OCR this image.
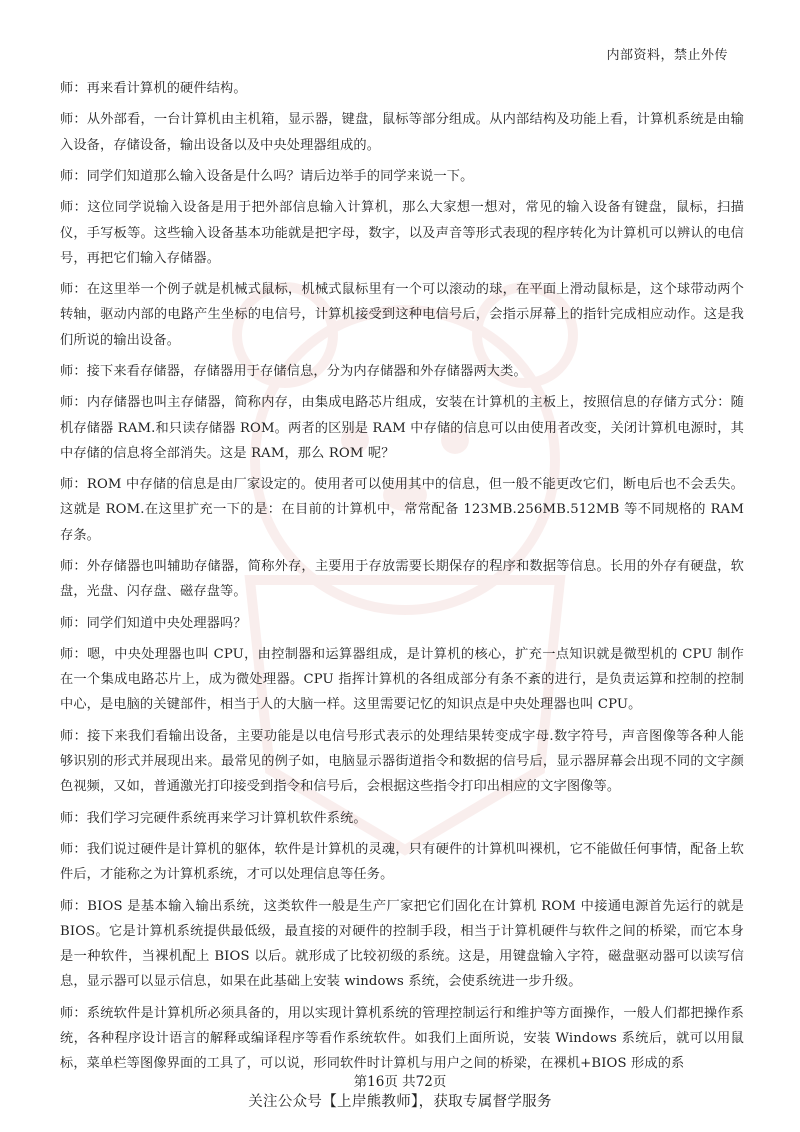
内部资料，禁止外传

师：再来看计算机的硬件结构。

师：从外部看，一台计算机由主机箱，显示器，键盘，鼠标等部分组成。从内部结构及功能上看，计算机系统是由输入设备，存储设备，输出设备以及中央处理器组成的。

师：同学们知道那么输入设备是什么吗？请后边举手的同学来说一下。

师：这位同学说输入设备是用于把外部信息输入计算机，那么大家想一想对，常见的输入设备有键盘，鼠标，扫描仪，手写板等。这些输入设备基本功能就是把字母，数字，以及声音等形式表现的程序转化为计算机可以辨认的电信号，再把它们输入存储器。

师：在这里举一个例子就是机械式鼠标，机械式鼠标里有一个可以滚动的球，在平面上滑动鼠标是，这个球带动两个转轴，驱动内部的电路产生坐标的电信号，计算机接受到这种电信号后，会指示屏幕上的指针完成相应动作。这是我们所说的输出设备。

师：接下来看存储器，存储器用于存储信息，分为内存储器和外存储器两大类。

师：内存储器也叫主存储器，简称内存，由集成电路芯片组成，安装在计算机的主板上，按照信息的存储方式分：随机存储器 RAM.和只读存储器 ROM。两者的区别是 RAM 中存储的信息可以由使用者改变，关闭计算机电源时，其中存储的信息将全部消失。这是 RAM，那么 ROM 呢？

师：ROM 中存储的信息是由厂家设定的。使用者可以使用其中的信息，但一般不能更改它们，断电后也不会丢失。这就是 ROM.在这里扩充一下的是：在目前的计算机中，常常配备 123MB.256MB.512MB 等不同规格的 RAM 存条。

师：外存储器也叫辅助存储器，简称外存，主要用于存放需要长期保存的程序和数据等信息。长用的外存有硬盘，软盘，光盘、闪存盘、磁存盘等。

师：同学们知道中央处理器吗？

师：嗯，中央处理器也叫 CPU，由控制器和运算器组成，是计算机的核心，扩充一点知识就是微型机的 CPU 制作在一个集成电路芯片上，成为微处理器。CPU 指挥计算机的各组成部分有条不紊的进行，是负责运算和控制的控制中心，是电脑的关键部件，相当于人的大脑一样。这里需要记忆的知识点是中央处理器也叫 CPU。

师：接下来我们看输出设备，主要功能是以电信号形式表示的处理结果转变成字母.数字符号，声音图像等各种人能够识别的形式并展现出来。最常见的例子如，电脑显示器街道指令和数据的信号后，显示器屏幕会出现不同的文字颜色视频，又如，普通激光打印接受到指令和信号后，会根据这些指令打印出相应的文字图像等。

师：我们学习完硬件系统再来学习计算机软件系统。

师：我们说过硬件是计算机的躯体，软件是计算机的灵魂，只有硬件的计算机叫裸机，它不能做任何事情，配备上软件后，才能称之为计算机系统，才可以处理信息等任务。

师：BIOS 是基本输入输出系统，这类软件一般是生产厂家把它们固化在计算机 ROM 中接通电源首先运行的就是 BIOS。它是计算机系统提供最低级，最直接的对硬件的控制手段，相当于计算机硬件与软件之间的桥梁，而它本身是一种软件，当裸机配上 BIOS 以后。就形成了比较初级的系统。这是，用键盘输入字符，磁盘驱动器可以读写信息，显示器可以显示信息，如果在此基础上安装 windows 系统，会使系统进一步升级。

师：系统软件是计算机所必须具备的，用以实现计算机系统的管理控制运行和维护等方面操作，一般人们都把操作系统，各种程序设计语言的解释或编译程序等看作系统软件。如我们上面所说，安装 Windows 系统后，就可以用鼠标，菜单栏等图像界面的工具了，可以说，形同软件时计算机与用户之间的桥梁，在裸机+BIOS 形成的系

第16页 共72页
关注公众号【上岸熊教师】，获取专属督学服务
